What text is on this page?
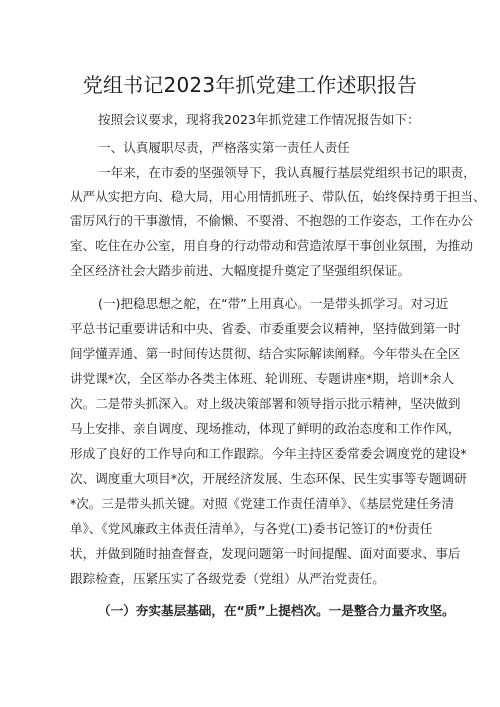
党组书记2023年抓党建工作述职报告
按照会议要求，现将我2023年抓党建工作情况报告如下：
一、认真履职尽责，严格落实第一责任人责任
一年来，在市委的坚强领导下，我认真履行基层党组织书记的职责，
从严从实把方向、稳大局，用心用情抓班子、带队伍，始终保持勇于担当、
雷厉风行的干事激情，不偷懒、不耍滑、不抱怨的工作姿态，工作在办公
室、吃住在办公室，用自身的行动带动和营造浓厚干事创业氛围，为推动
全区经济社会大踏步前进、大幅度提升奠定了坚强组织保证。
(一)把稳思想之舵，在“带”上用真心。一是带头抓学习。对习近
平总书记重要讲话和中央、省委、市委重要会议精神，坚持做到第一时
间学懂弄通、第一时间传达贯彻、结合实际解读阐释。今年带头在全区
讲党课*次，全区举办各类主体班、轮训班、专题讲座*期，培训*余人
次。二是带头抓深入。对上级决策部署和领导指示批示精神，坚决做到
马上安排、亲自调度、现场推动，体现了鲜明的政治态度和工作作风，
形成了良好的工作导向和工作跟踪。今年主持区委常委会调度党的建设*
次、调度重大项目*次，开展经济发展、生态环保、民生实事等专题调研
*次。三是带头抓关键。对照《党建工作责任清单》、《基层党建任务清
单》、《党风廉政主体责任清单》，与各党(工)委书记签订的*份责任
状，并做到随时抽查督查，发现问题第一时间提醒、面对面要求、事后
跟踪检查，压紧压实了各级党委（党组）从严治党责任。
（一）夯实基层基础，在“质”上提档次。一是整合力量齐攻坚。
